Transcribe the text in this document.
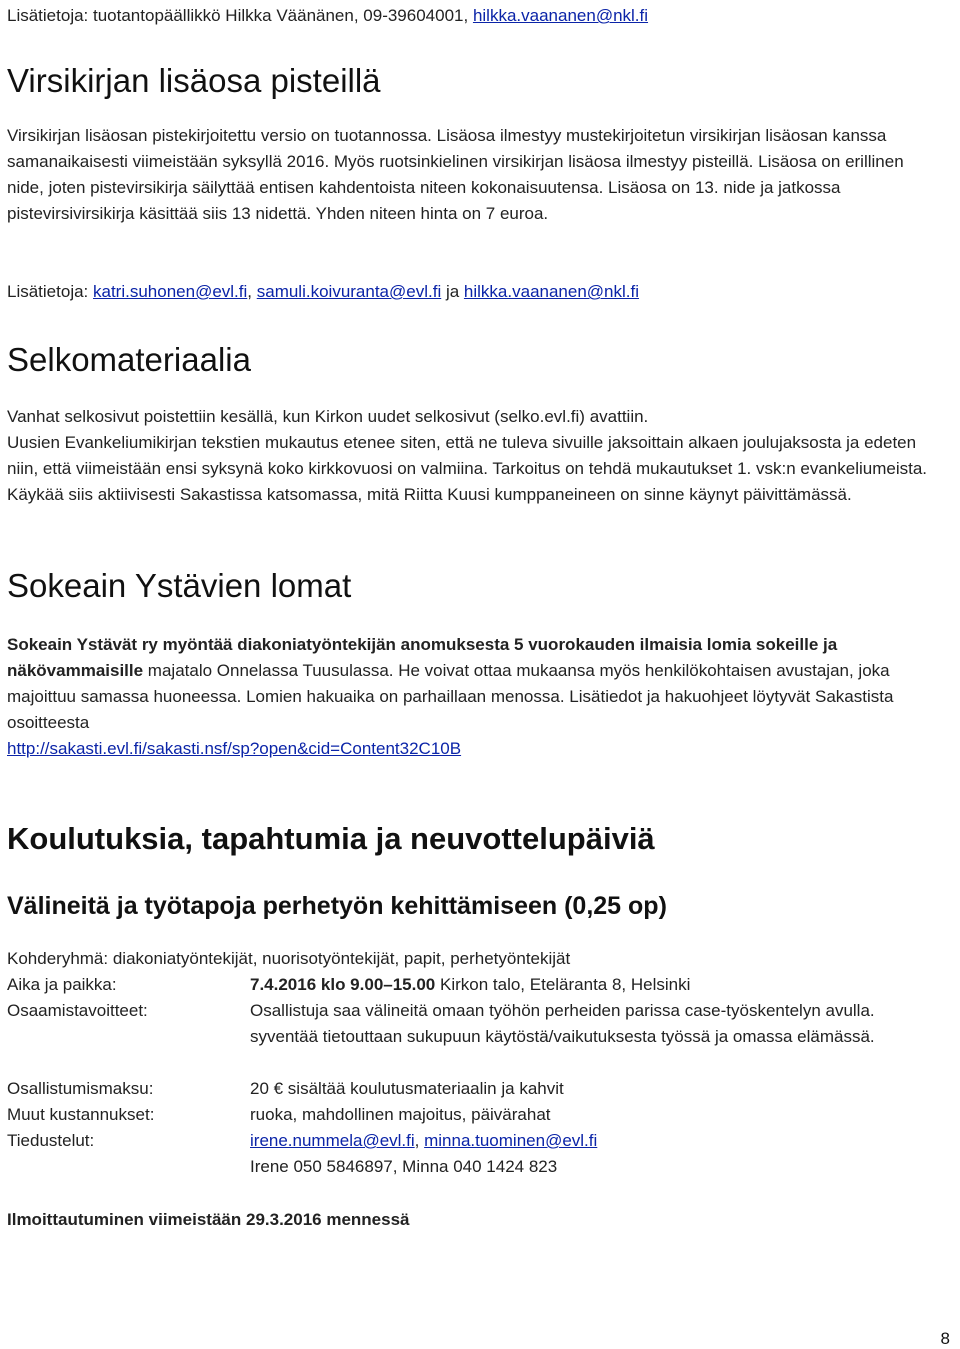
Lisätietoja: tuotantopäällikkö Hilkka Väänänen, 09-39604001, hilkka.vaananen@nkl.fi
Virsikirjan lisäosa pisteillä

Virsikirjan lisäosan pistekirjoitettu versio on tuotannossa. Lisäosa ilmestyy mustekirjoitetun virsikirjan lisäosan kanssa samanaikaisesti viimeistään syksyllä 2016. Myös ruotsinkielinen virsikirjan lisäosa ilmestyy pisteillä. Lisäosa on erillinen nide, joten pistevirsikirja säilyttää entisen kahdentoista niteen kokonaisuutensa. Lisäosa on 13. nide ja jatkossa pistevirsivirsikirja käsittää siis 13 nidettä. Yhden niteen hinta on 7 euroa.

Lisätietoja: katri.suhonen@evl.fi, samuli.koivuranta@evl.fi ja hilkka.vaananen@nkl.fi

Selkomateriaalia

Vanhat selkosivut poistettiin kesällä, kun Kirkon uudet selkosivut (selko.evl.fi) avattiin.

Uusien Evankeliumikirjan tekstien mukautus etenee siten, että ne tuleva sivuille jaksoittain alkaen joulujaksosta ja edeten niin, että viimeistään ensi syksynä koko kirkkovuosi on valmiina. Tarkoitus on tehdä mukautukset 1. vsk:n evankeliumeista. Käykää siis aktiivisesti Sakastissa katsomassa, mitä Riitta Kuusi kumppaneineen on sinne käynyt päivittämässä.

Sokeain Ystävien lomat

Sokeain Ystävät ry myöntää diakoniatyöntekijän anomuksesta 5 vuorokauden ilmaisia lomia sokeille ja näkövammaisille majatalo Onnelassa Tuusulassa. He voivat ottaa mukaansa myös henkilökohtaisen avustajan, joka majoittuu samassa huoneessa. Lomien hakuaika on parhaillaan menossa. Lisätiedot ja hakuohjeet löytyvät Sakastista osoitteesta
http://sakasti.evl.fi/sakasti.nsf/sp?open&cid=Content32C10B

Koulutuksia, tapahtumia ja neuvottelupäiviä
Välineitä ja työtapoja perhetyön kehittämiseen (0,25 op)

Kohderyhmä: diakoniatyöntekijät, nuorisotyöntekijät, papit, perhetyöntekijät

Aika ja paikka:	7.4.2016 klo 9.00–15.00 Kirkon talo, Eteläranta 8, Helsinki
Osaamistavoitteet:	Osallistuja saa välineitä omaan työhön perheiden parissa case-työskentelyn avulla. syventää tietouttaan sukupuun käytöstä/vaikutuksesta työssä ja omassa elämässä.
Osallistumismaksu:	20 € sisältää koulutusmateriaalin ja kahvit
Muut kustannukset:	ruoka, mahdollinen majoitus, päivärahat
Tiedustelut:	irene.nummela@evl.fi, minna.tuominen@evl.fi
Irene 050 5846897, Minna 040 1424 823

Ilmoittautuminen viimeistään 29.3.2016 mennessä

8
